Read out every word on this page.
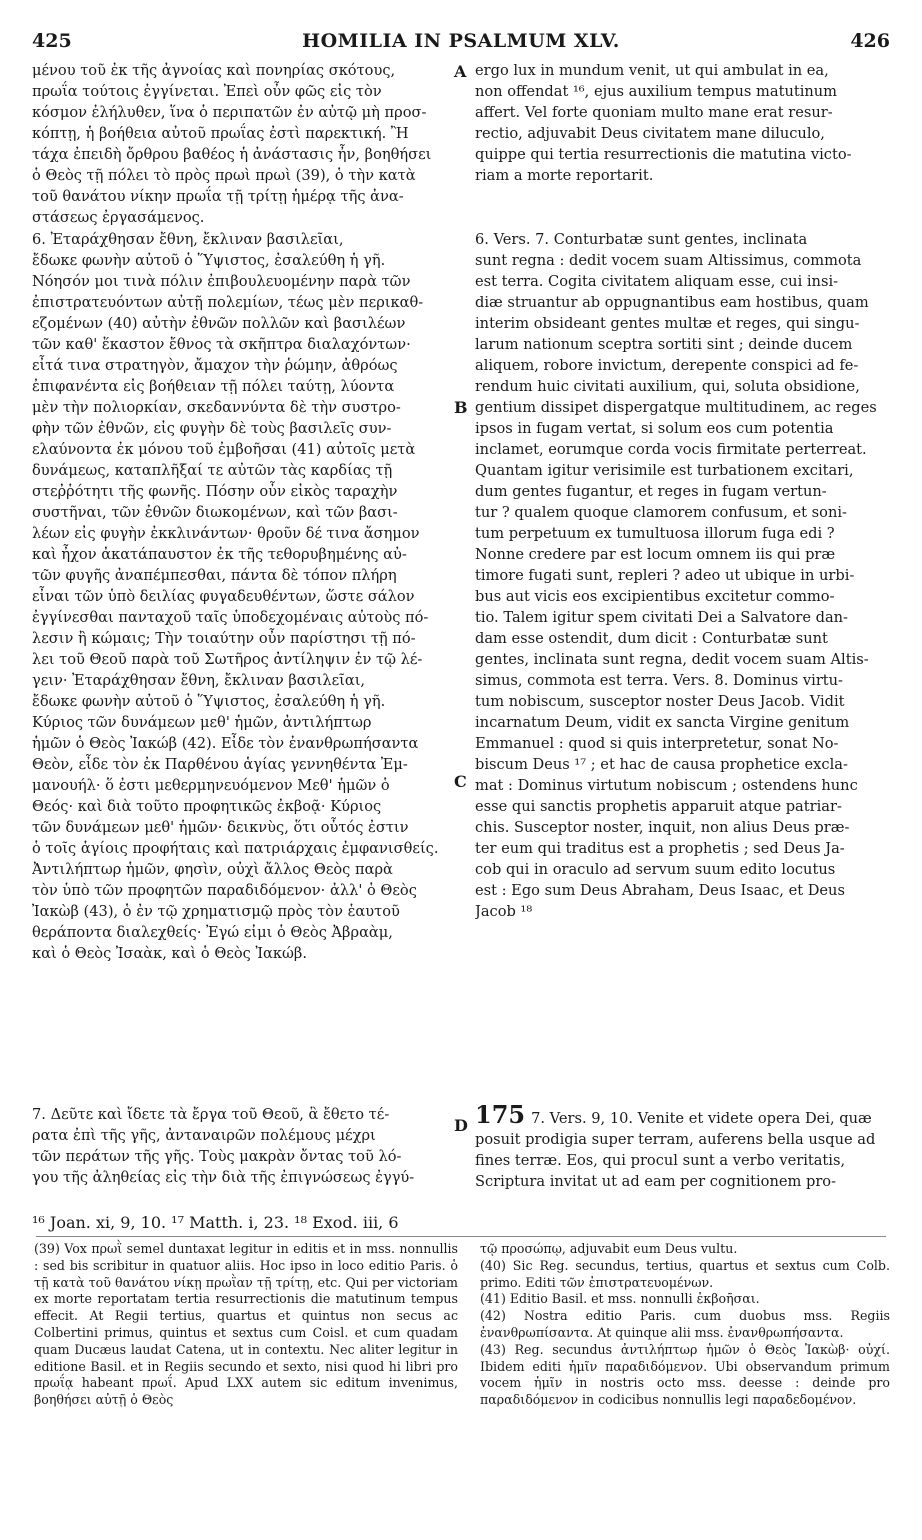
425	HOMILIA IN PSALMUM XLV.	426
μένου τοῦ ἐκ τῆς ἀγνοίας καὶ πονηρίας σκότους,
πρωΐα τούτοις ἐγγίνεται. Ἐπεὶ οὖν φῶς εἰς τὸν
κόσμον ἐλήλυθεν, ἵνα ὁ περιπατῶν ἐν αὐτῷ μὴ προσ-
κόπτῃ, ἡ βοήθεια αὐτοῦ πρωΐας ἐστὶ παρεκτική. Ἢ
τάχα ἐπειδὴ ὄρθρου βαθέος ἡ ἀνάστασις ἦν, βοηθήσει
ὁ Θεὸς τῇ πόλει τὸ πρὸς πρωὶ πρωὶ (39), ὁ τὴν κατὰ
τοῦ θανάτου νίκην πρωΐα τῇ τρίτῃ ἡμέρᾳ τῆς ἀνα-
στάσεως ἐργασάμενος.
6. Ἐταράχθησαν ἔθνη, ἔκλιναν βασιλεῖαι,
ἔδωκε φωνὴν αὐτοῦ ὁ Ὕψιστος, ἐσαλεύθη ἡ γῆ.
Νόησόν μοι τινὰ πόλιν ἐπιβουλευομένην παρὰ τῶν
ἐπιστρατευόντων αὐτῇ πολεμίων, τέως μὲν περικαθ-
εζομένων (40) αὐτὴν ἐθνῶν πολλῶν καὶ βασιλέων
τῶν καθ' ἕκαστον ἔθνος τὰ σκῆπτρα διαλαχόντων·
εἶτά τινα στρατηγὸν, ἄμαχον τὴν ῥώμην, ἀθρόως
ἐπιφανέντα εἰς βοήθειαν τῇ πόλει ταύτῃ, λύοντα
μὲν τὴν πολιορκίαν, σκεδαννύντα δὲ τὴν συστρο-
φὴν τῶν ἐθνῶν, εἰς φυγὴν δὲ τοὺς βασιλεῖς συν-
ελαύνοντα ἐκ μόνου τοῦ ἐμβοῆσαι (41) αὐτοῖς μετὰ
δυνάμεως, καταπλῆξαί τε αὐτῶν τὰς καρδίας τῇ
στεῤῥότητι τῆς φωνῆς. Πόσην οὖν εἰκὸς ταραχὴν
συστῆναι, τῶν ἐθνῶν διωκομένων, καὶ τῶν βασι-
λέων εἰς φυγὴν ἐκκλινάντων· θροῦν δέ τινα ἄσημον
καὶ ἦχον ἀκατάπαυστον ἐκ τῆς τεθορυβημένης αὐ-
τῶν φυγῆς ἀναπέμπεσθαι, πάντα δὲ τόπον πλήρη
εἶναι τῶν ὑπὸ δειλίας φυγαδευθέντων, ὥστε σάλον
ἐγγίνεσθαι πανταχοῦ ταῖς ὑποδεχομέναις αὐτοὺς πό-
λεσιν ἢ κώμαις; Τὴν τοιαύτην οὖν παρίστησι τῇ πό-
λει τοῦ Θεοῦ παρὰ τοῦ Σωτῆρος ἀντίληψιν ἐν τῷ λέ-
γειν· Ἐταράχθησαν ἔθνη, ἔκλιναν βασιλεῖαι,
ἔδωκε φωνὴν αὐτοῦ ὁ Ὕψιστος, ἐσαλεύθη ἡ γῆ.
Κύριος τῶν δυνάμεων μεθ' ἡμῶν, ἀντιλήπτωρ
ἡμῶν ὁ Θεὸς Ἰακώβ (42). Εἶδε τὸν ἐνανθρωπήσαντα
Θεὸν, εἶδε τὸν ἐκ Παρθένου ἁγίας γεννηθέντα Ἐμ-
μανουήλ· ὅ ἐστι μεθερμηνευόμενον Μεθ' ἡμῶν ὁ
Θεός· καὶ διὰ τοῦτο προφητικῶς ἐκβοᾷ· Κύριος
τῶν δυνάμεων μεθ' ἡμῶν· δεικνὺς, ὅτι οὗτός ἐστιν
ὁ τοῖς ἁγίοις προφήταις καὶ πατριάρχαις ἐμφανισθείς.
Ἀντιλήπτωρ ἡμῶν, φησὶν, οὐχὶ ἄλλος Θεὸς παρὰ
τὸν ὑπὸ τῶν προφητῶν παραδιδόμενον· ἀλλ' ὁ Θεὸς
Ἰακὼβ (43), ὁ ἐν τῷ χρηματισμῷ πρὸς τὸν ἑαυτοῦ
θεράποντα διαλεχθείς· Ἐγώ εἰμι ὁ Θεὸς Ἀβραὰμ,
καὶ ὁ Θεὸς Ἰσαὰκ, καὶ ὁ Θεὸς Ἰακώβ.
7. Δεῦτε καὶ ἴδετε τὰ ἔργα τοῦ Θεοῦ, ἃ ἔθετο τέ-
ρατα ἐπὶ τῆς γῆς, ἀνταναιρῶν πολέμους μέχρι
τῶν περάτων τῆς γῆς. Τοὺς μακρὰν ὄντας τοῦ λό-
γου τῆς ἀληθείας εἰς τὴν διὰ τῆς ἐπιγνώσεως ἐγγύ-
ergo lux in mundum venit, ut qui ambulat in ea,
non offendat ¹⁶, ejus auxilium tempus matutinum
affert. Vel forte quoniam multo mane erat resur-
rectio, adjuvabit Deus civitatem mane diluculo,
quippe qui tertia resurrectionis die matutina victo-
riam a morte reportarit.
6. Vers. 7. Conturbatæ sunt gentes, inclinata
sunt regna : dedit vocem suam Altissimus, commota
est terra. Cogita civitatem aliquam esse, cui insi-
diæ struantur ab oppugnantibus eam hostibus, quam
interim obsideant gentes multæ et reges, qui singu-
larum nationum sceptra sortiti sint ; deinde ducem
aliquem, robore invictum, derepente conspici ad fe-
rendum huic civitati auxilium, qui, soluta obsidione,
gentium dissipet dispergatque multitudinem, ac reges
ipsos in fugam vertat, si solum eos cum potentia
inclamet, eorumque corda vocis firmitate perterreat.
Quantam igitur verisimile est turbationem excitari,
dum gentes fugantur, et reges in fugam vertun-
tur ? qualem quoque clamorem confusum, et soni-
tum perpetuum ex tumultuosa illorum fuga edi ?
Nonne credere par est locum omnem iis qui præ
timore fugati sunt, repleri ? adeo ut ubique in urbi-
bus aut vicis eos excipientibus excitetur commo-
tio. Talem igitur spem civitati Dei a Salvatore dan-
dam esse ostendit, dum dicit : Conturbatæ sunt
gentes, inclinata sunt regna, dedit vocem suam Altis-
simus, commota est terra. Vers. 8. Dominus virtu-
tum nobiscum, susceptor noster Deus Jacob. Vidit
incarnatum Deum, vidit ex sancta Virgine genitum
Emmanuel : quod si quis interpretetur, sonat No-
biscum Deus ¹⁷ ; et hac de causa prophetice excla-
mat : Dominus virtutum nobiscum ; ostendens hunc
esse qui sanctis prophetis apparuit atque patriar-
chis. Susceptor noster, inquit, non alius Deus præ-
ter eum qui traditus est a prophetis ; sed Deus Ja-
cob qui in oraculo ad servum suum edito locutus
est : Ego sum Deus Abraham, Deus Isaac, et Deus
Jacob ¹⁸
175 7. Vers. 9, 10. Venite et videte opera Dei, quæ
posuit prodigia super terram, auferens bella usque ad
fines terræ. Eos, qui procul sunt a verbo veritatis,
Scriptura invitat ut ad eam per cognitionem pro-
A
B
C
D
¹⁶ Joan. xi, 9, 10. ¹⁷ Matth. i, 23. ¹⁸ Exod. iii, 6

(39) Vox πρωῒ semel duntaxat legitur in editis et in mss. nonnullis : sed bis scribitur in quatuor aliis. Hoc ipso in loco editio Paris. ὁ τῇ κατὰ τοῦ θανάτου νίκῃ πρωῒαν τῇ τρίτῃ, etc. Qui per victoriam ex morte reportatam tertia resurrectionis die matutinum tempus effecit. At Regii tertius, quartus et quintus non secus ac Colbertini primus, quintus et sextus cum Coisl. et cum quadam quam Ducæus laudat Catena, ut in contextu. Nec aliter legitur in editione Basil. et in Regiis secundo et sexto, nisi quod hi libri pro πρωΐᾳ habeant πρωΐ. Apud LXX autem sic editum invenimus, βοηθήσει αὐτῇ ὁ Θεὸς

τῷ προσώπῳ, adjuvabit eum Deus vultu.

(40) Sic Reg. secundus, tertius, quartus et sextus cum Colb. primo. Editi τῶν ἐπιστρατευομένων.

(41) Editio Basil. et mss. nonnulli ἐκβοῆσαι.

(42) Nostra editio Paris. cum duobus mss. Regiis ἐνανθρωπίσαντα. At quinque alii mss. ἐνανθρωπήσαντα.

(43) Reg. secundus ἀντιλήπτωρ ἡμῶν ὁ Θεὸς Ἰακὼβ· οὐχί. Ibidem editi ἡμῖν παραδιδόμενον. Ubi observandum primum vocem ἡμῖν in nostris octo mss. deesse : deinde pro παραδιδόμενον in codicibus nonnullis legi παραδεδομένον.
